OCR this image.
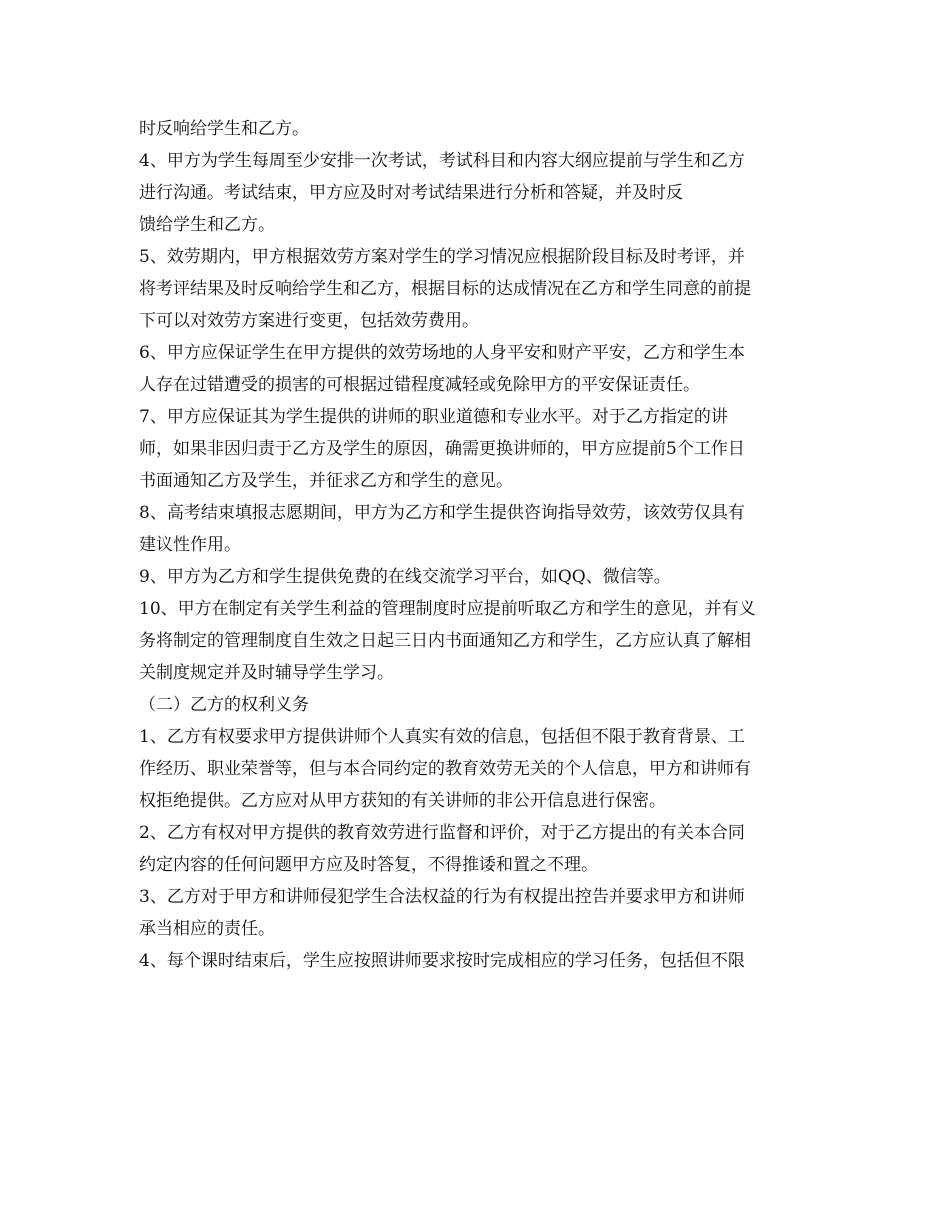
时反响给学生和乙方。

4、甲方为学生每周至少安排一次考试，考试科目和内容大纲应提前与学生和乙方

进行沟通。考试结束，甲方应及时对考试结果进行分析和答疑，并及时反

馈给学生和乙方。

5、效劳期内，甲方根据效劳方案对学生的学习情况应根据阶段目标及时考评，并

将考评结果及时反响给学生和乙方，根据目标的达成情况在乙方和学生同意的前提

下可以对效劳方案进行变更，包括效劳费用。

6、甲方应保证学生在甲方提供的效劳场地的人身平安和财产平安，乙方和学生本

人存在过错遭受的损害的可根据过错程度减轻或免除甲方的平安保证责任。

7、甲方应保证其为学生提供的讲师的职业道德和专业水平。对于乙方指定的讲

师，如果非因归责于乙方及学生的原因，确需更换讲师的，甲方应提前5个工作日

书面通知乙方及学生，并征求乙方和学生的意见。

8、高考结束填报志愿期间，甲方为乙方和学生提供咨询指导效劳，该效劳仅具有

建议性作用。

9、甲方为乙方和学生提供免费的在线交流学习平台，如QQ、微信等。

10、甲方在制定有关学生利益的管理制度时应提前听取乙方和学生的意见，并有义

务将制定的管理制度自生效之日起三日内书面通知乙方和学生，乙方应认真了解相

关制度规定并及时辅导学生学习。

（二）乙方的权利义务

1、乙方有权要求甲方提供讲师个人真实有效的信息，包括但不限于教育背景、工

作经历、职业荣誉等，但与本合同约定的教育效劳无关的个人信息，甲方和讲师有

权拒绝提供。乙方应对从甲方获知的有关讲师的非公开信息进行保密。

2、乙方有权对甲方提供的教育效劳进行监督和评价，对于乙方提出的有关本合同

约定内容的任何问题甲方应及时答复，不得推诿和置之不理。

3、乙方对于甲方和讲师侵犯学生合法权益的行为有权提出控告并要求甲方和讲师

承当相应的责任。

4、每个课时结束后，学生应按照讲师要求按时完成相应的学习任务，包括但不限
